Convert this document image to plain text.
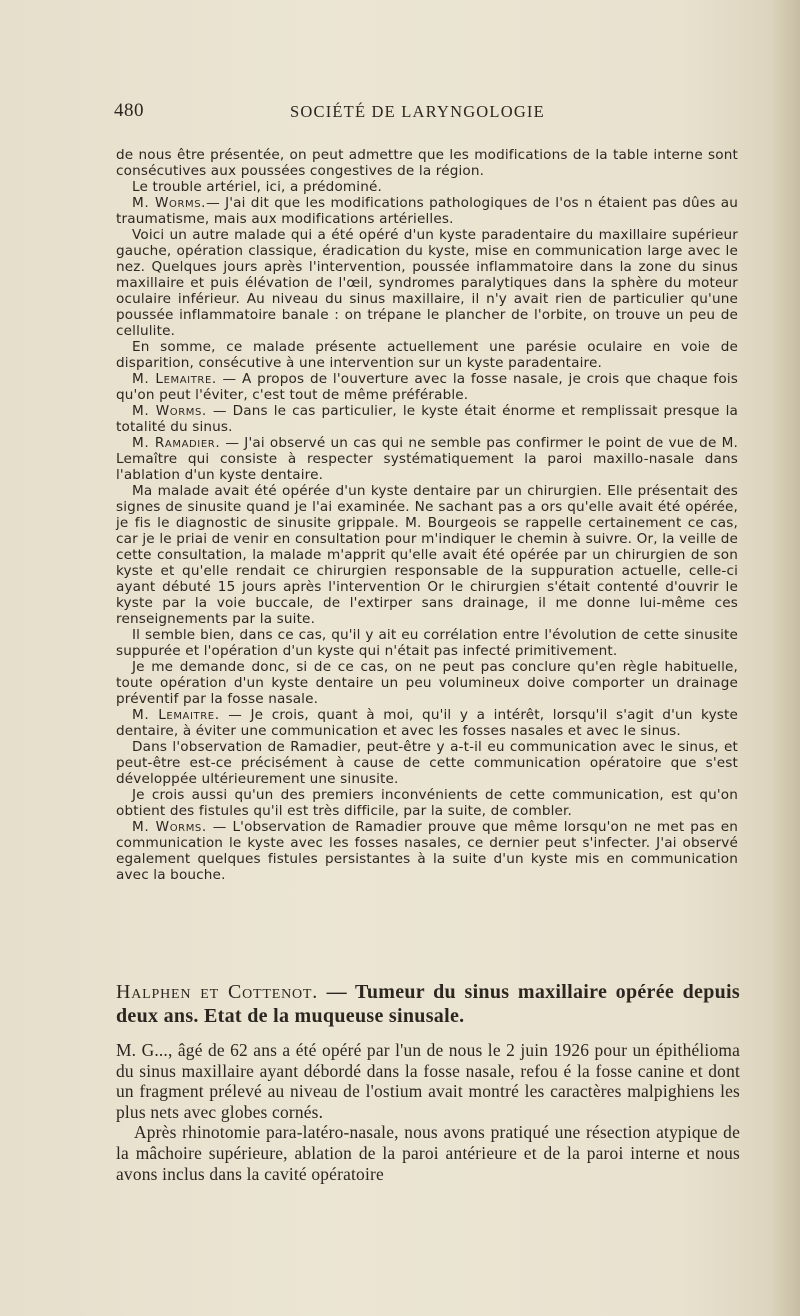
480	SOCIÉTÉ DE LARYNGOLOGIE

de nous être présentée, on peut admettre que les modifications de la table interne sont consécutives aux poussées congestives de la région.

Le trouble artériel, ici, a prédominé.

M. Worms.— J'ai dit que les modifications pathologiques de l'os n étaient pas dûes au traumatisme, mais aux modifications artérielles.

Voici un autre malade qui a été opéré d'un kyste paradentaire du maxillaire supérieur gauche, opération classique, éradication du kyste, mise en communication large avec le nez. Quelques jours après l'intervention, poussée inflammatoire dans la zone du sinus maxillaire et puis élévation de l'œil, syndromes paralytiques dans la sphère du moteur oculaire inférieur. Au niveau du sinus maxillaire, il n'y avait rien de particulier qu'une poussée inflammatoire banale : on trépane le plancher de l'orbite, on trouve un peu de cellulite.

En somme, ce malade présente actuellement une parésie oculaire en voie de disparition, consécutive à une intervention sur un kyste paradentaire.

M. Lemaitre. — A propos de l'ouverture avec la fosse nasale, je crois que chaque fois qu'on peut l'éviter, c'est tout de même préférable.

M. Worms. — Dans le cas particulier, le kyste était énorme et remplissait presque la totalité du sinus.

M. Ramadier. — J'ai observé un cas qui ne semble pas confirmer le point de vue de M. Lemaître qui consiste à respecter systématiquement la paroi maxillo-nasale dans l'ablation d'un kyste dentaire.

Ma malade avait été opérée d'un kyste dentaire par un chirurgien. Elle présentait des signes de sinusite quand je l'ai examinée. Ne sachant pas a ors qu'elle avait été opérée, je fis le diagnostic de sinusite grippale. M. Bourgeois se rappelle certainement ce cas, car je le priai de venir en consultation pour m'indiquer le chemin à suivre. Or, la veille de cette consultation, la malade m'apprit qu'elle avait été opérée par un chirurgien de son kyste et qu'elle rendait ce chirurgien responsable de la suppuration actuelle, celle-ci ayant débuté 15 jours après l'intervention Or le chirurgien s'était contenté d'ouvrir le kyste par la voie buccale, de l'extirper sans drainage, il me donne lui-même ces renseignements par la suite.

Il semble bien, dans ce cas, qu'il y ait eu corrélation entre l'évolution de cette sinusite suppurée et l'opération d'un kyste qui n'était pas infecté primitivement.

Je me demande donc, si de ce cas, on ne peut pas conclure qu'en règle habituelle, toute opération d'un kyste dentaire un peu volumineux doive comporter un drainage préventif par la fosse nasale.

M. Lemaitre. — Je crois, quant à moi, qu'il y a intérêt, lorsqu'il s'agit d'un kyste dentaire, à éviter une communication et avec les fosses nasales et avec le sinus.

Dans l'observation de Ramadier, peut-être y a-t-il eu communication avec le sinus, et peut-être est-ce précisément à cause de cette communication opératoire que s'est développée ultérieurement une sinusite.

Je crois aussi qu'un des premiers inconvénients de cette communication, est qu'on obtient des fistules qu'il est très difficile, par la suite, de combler.

M. Worms. — L'observation de Ramadier prouve que même lorsqu'on ne met pas en communication le kyste avec les fosses nasales, ce dernier peut s'infecter. J'ai observé egalement quelques fistules persistantes à la suite d'un kyste mis en communication avec la bouche.

Halphen et Cottenot. — Tumeur du sinus maxillaire opérée depuis deux ans. Etat de la muqueuse sinusale.

M. G..., âgé de 62 ans a été opéré par l'un de nous le 2 juin 1926 pour un épithélioma du sinus maxillaire ayant débordé dans la fosse nasale, refou é la fosse canine et dont un fragment prélevé au niveau de l'ostium avait montré les caractères malpighiens les plus nets avec globes cornés.

Après rhinotomie para-latéro-nasale, nous avons pratiqué une résection atypique de la mâchoire supérieure, ablation de la paroi antérieure et de la paroi interne et nous avons inclus dans la cavité opératoire
